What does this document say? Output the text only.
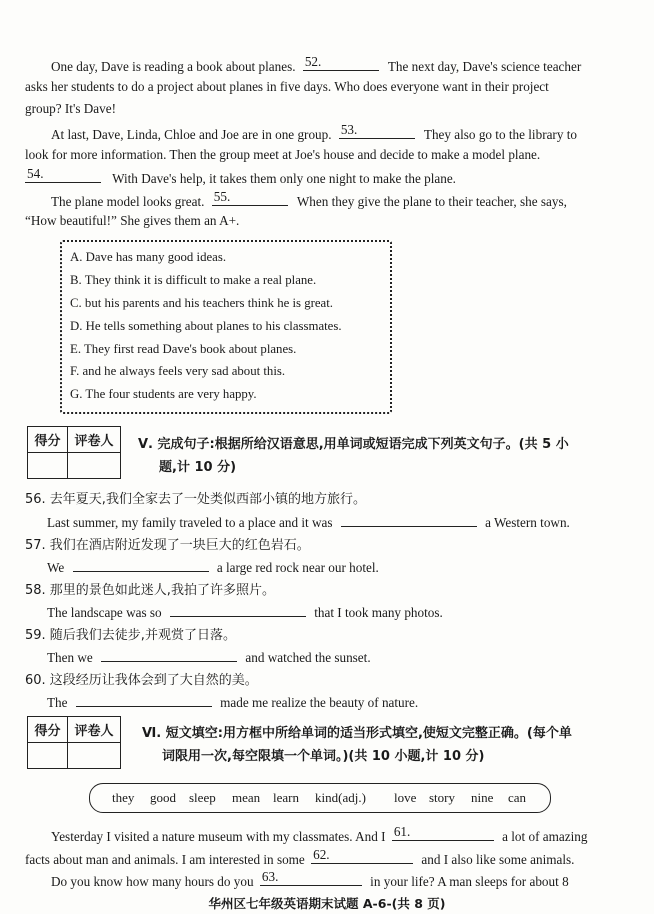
One day, Dave is reading a book about planes. 52.	The next day, Dave's science teacher
asks her students to do a project about planes in five days. Who does everyone want in their project
group? It's Dave!
At last, Dave, Linda, Chloe and Joe are in one group. 53.	They also go to the library to
look for more information. Then the group meet at Joe's house and decide to make a model plane.
54.	With Dave's help, it takes them only one night to make the plane.
The plane model looks great. 55.	When they give the plane to their teacher, she says,
“How beautiful!” She gives them an A+.
A. Dave has many good ideas.
B. They think it is difficult to make a real plane.
C. but his parents and his teachers think he is great.
D. He tells something about planes to his classmates.
E. They first read Dave's book about planes.
F. and he always feels very sad about this.
G. The four students are very happy.
得分	评卷人
	Ⅴ. 完成句子:根据所给汉语意思,用单词或短语完成下列英文句子。(共 5 小
题,计 10 分)
56. 去年夏天,我们全家去了一处类似西部小镇的地方旅行。
Last summer, my family traveled to a place and it was	a Western town.
57. 我们在酒店附近发现了一块巨大的红色岩石。
We	a large red rock near our hotel.
58. 那里的景色如此迷人,我拍了许多照片。
The landscape was so	that I took many photos.
59. 随后我们去徒步,并观赏了日落。
Then we	and watched the sunset.
60. 这段经历让我体会到了大自然的美。
The	made me realize the beauty of nature.
得分	评卷人
	Ⅵ. 短文填空:用方框中所给单词的适当形式填空,使短文完整正确。(每个单
词限用一次,每空限填一个单词。)(共 10 小题,计 10 分)
they good sleep mean learn kind(adj.) love story nine can
Yesterday I visited a nature museum with my classmates. And I 61.	a lot of amazing
facts about man and animals. I am interested in some 62.	and I also like some animals.
Do you know how many hours do you 63.	in your life? A man sleeps for about 8
华州区七年级英语期末试题 A-6-(共 8 页)
